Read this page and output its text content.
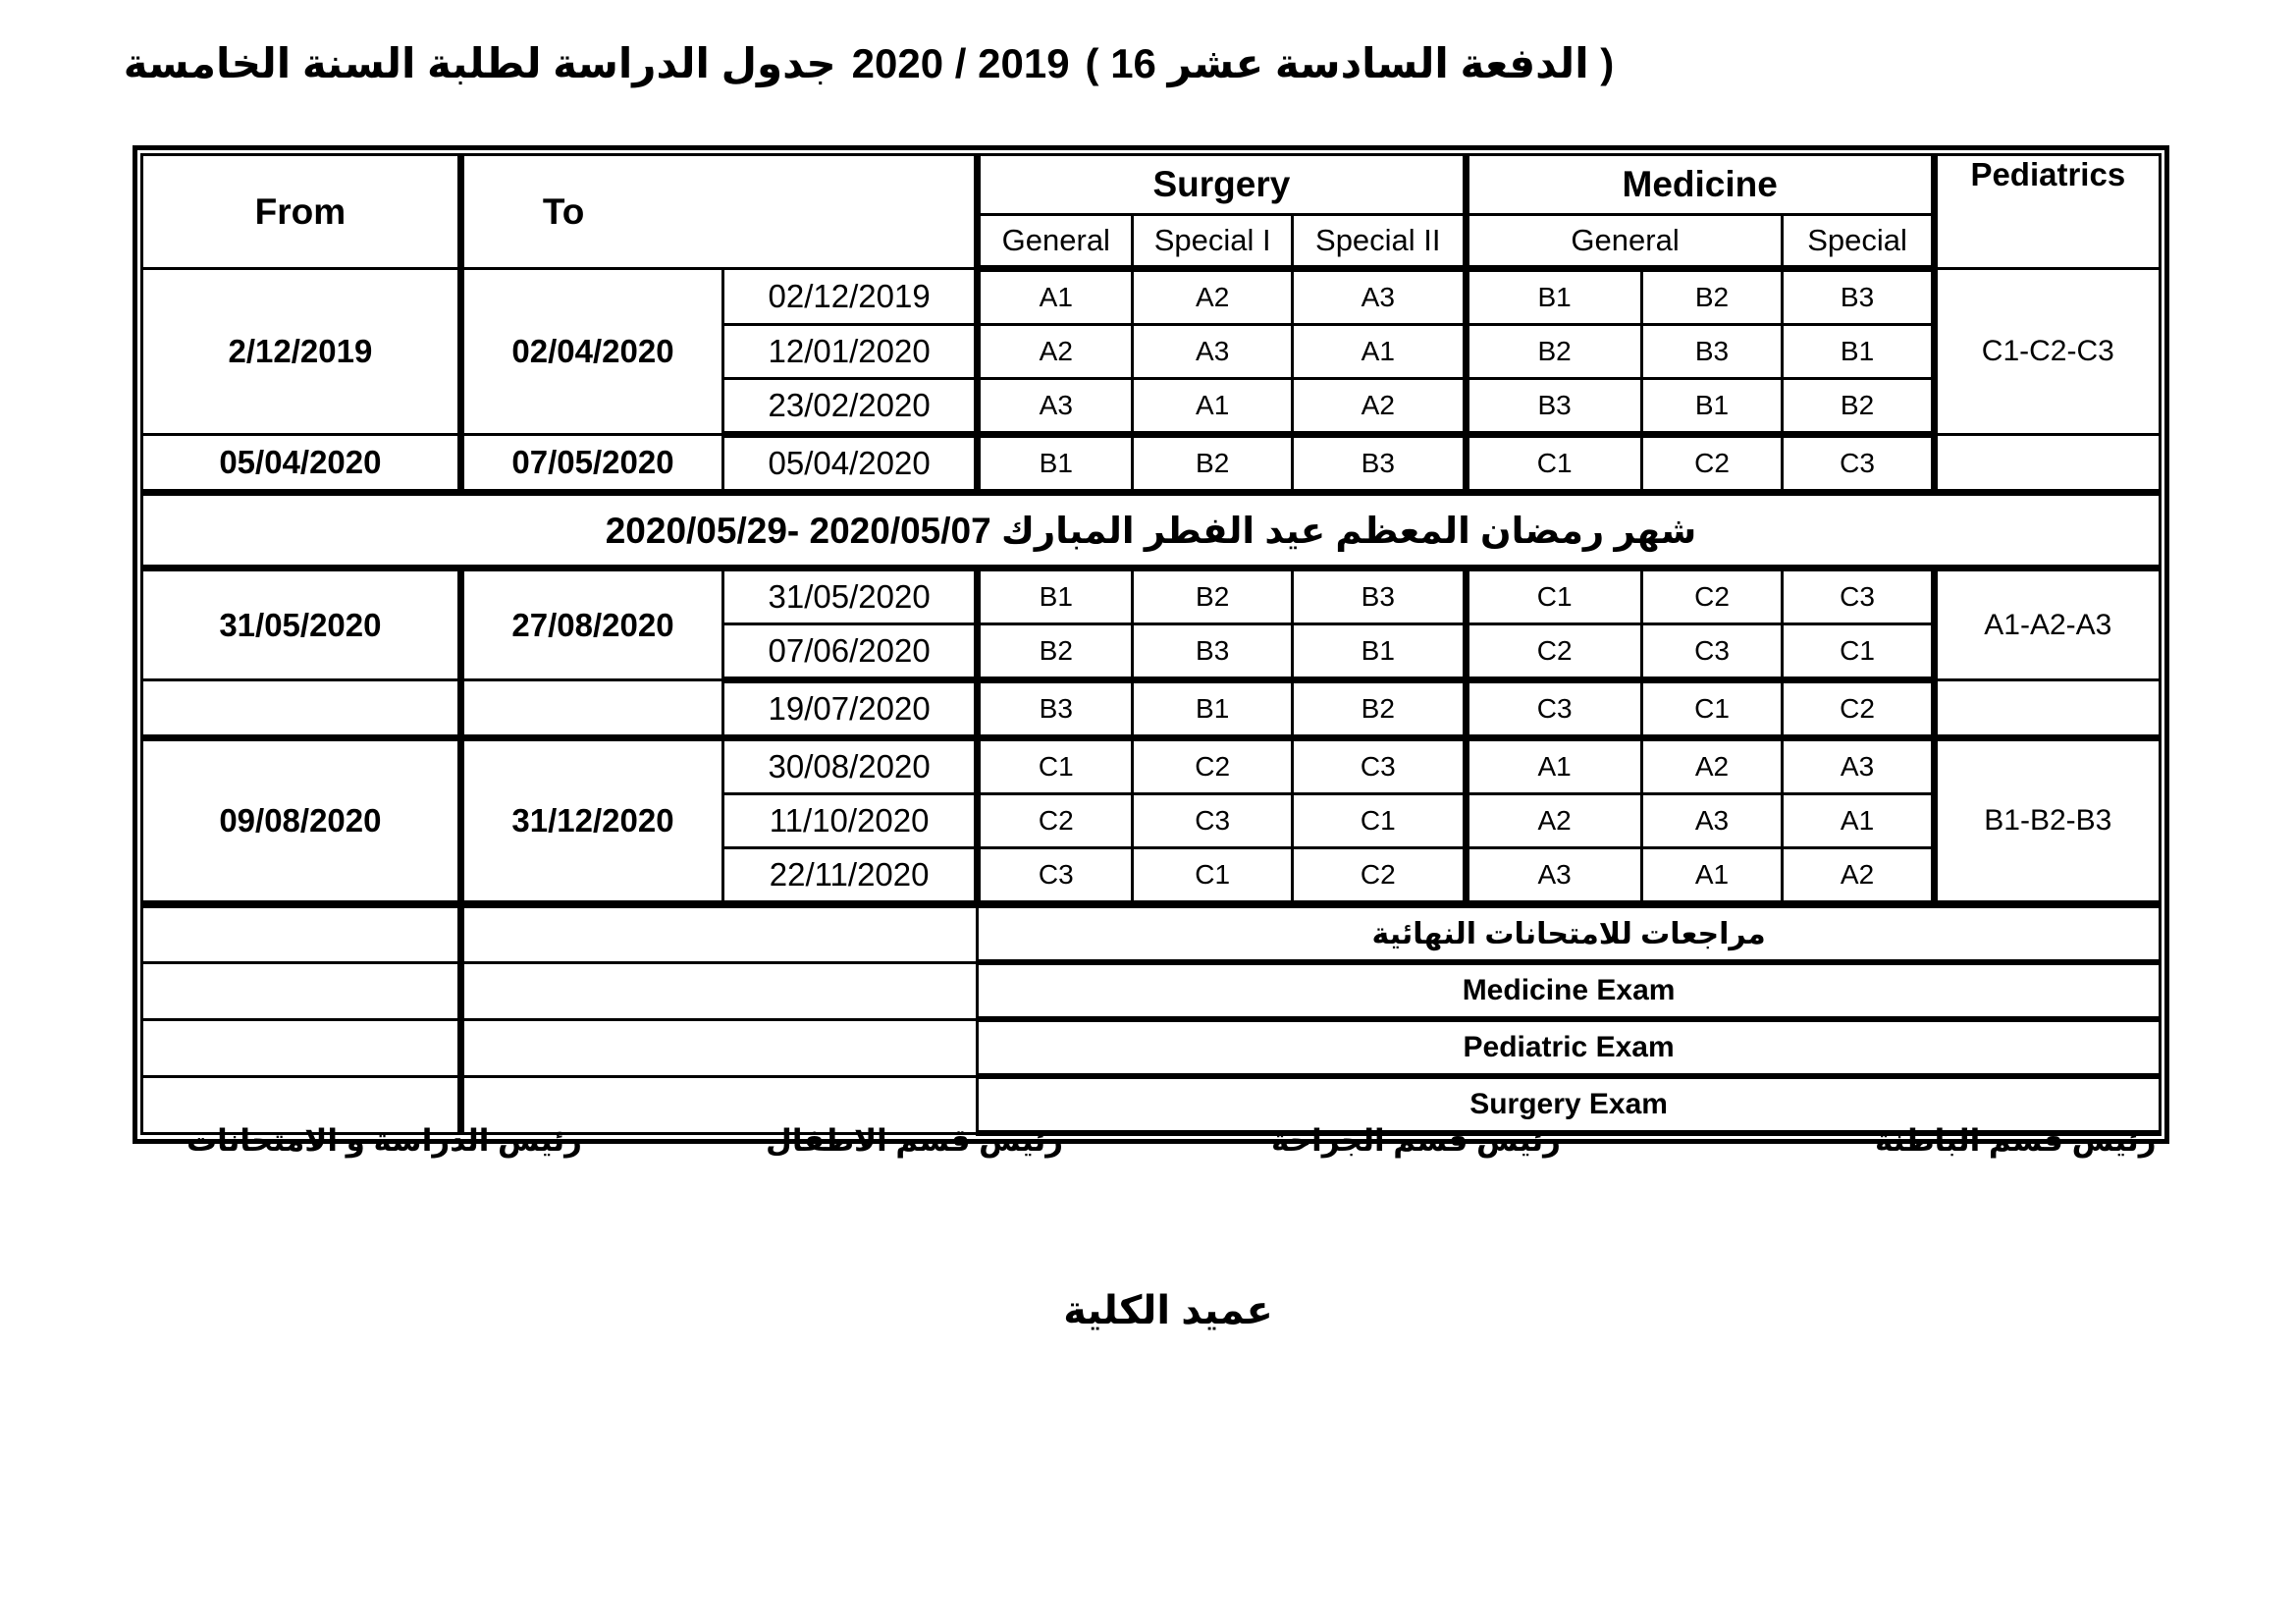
جدول الدراسة لطلبة السنة الخامسة 2020 / 2019 ( الدفعة السادسة عشر 16 )
From	To		Surgery			Medicine			Pediatrics
			General	Special I	Special II	General		Special	
2/12/2019	02/04/2020	02/12/2019	A1	A2	A3	B1	B2	B3	C1-C2-C3
		12/01/2020	A2	A3	A1	B2	B3	B1	
		23/02/2020	A3	A1	A2	B3	B1	B2	
05/04/2020	07/05/2020	05/04/2020	B1	B2	B3	C1	C2	C3	
شهر رمضان المعظم عيد الفطر المبارك 2020/05/07 -2020/05/29									
31/05/2020	27/08/2020	31/05/2020	B1	B2	B3	C1	C2	C3	A1-A2-A3
		07/06/2020	B2	B3	B1	C2	C3	C1	
		19/07/2020	B3	B1	B2	C3	C1	C2	
09/08/2020	31/12/2020	30/08/2020	C1	C2	C3	A1	A2	A3	B1-B2-B3
		11/10/2020	C2	C3	C1	A2	A3	A1	
		22/11/2020	C3	C1	C2	A3	A1	A2	
			مراجعات للامتحانات النهائية						
			Medicine Exam						
			Pediatric Exam						
			Surgery Exam						
رئيس الدراسة و الامتحانات	رئيس قسم الاطفال	رئيس قسم الجراحة	رئيس قسم الباطنة
عميد الكلية
